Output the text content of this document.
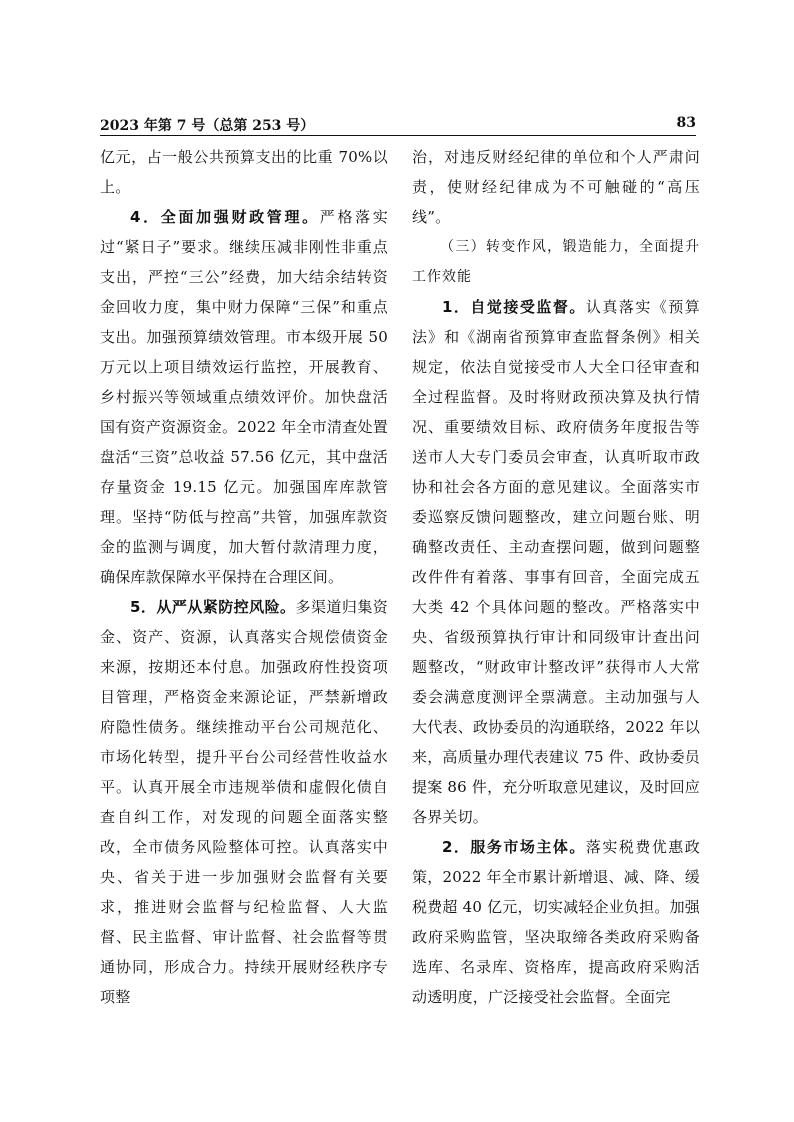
2023 年第 7 号（总第 253 号）	83

亿元，占一般公共预算支出的比重 70%以上。

4．全面加强财政管理。严格落实过“紧日子”要求。继续压减非刚性非重点支出，严控“三公”经费，加大结余结转资金回收力度，集中财力保障“三保”和重点支出。加强预算绩效管理。市本级开展 50 万元以上项目绩效运行监控，开展教育、乡村振兴等领域重点绩效评价。加快盘活国有资产资源资金。2022 年全市清查处置盘活“三资”总收益 57.56 亿元，其中盘活存量资金 19.15 亿元。加强国库库款管理。坚持“防低与控高”共管，加强库款资金的监测与调度，加大暂付款清理力度，确保库款保障水平保持在合理区间。

5．从严从紧防控风险。多渠道归集资金、资产、资源，认真落实合规偿债资金来源，按期还本付息。加强政府性投资项目管理，严格资金来源论证，严禁新增政府隐性债务。继续推动平台公司规范化、市场化转型，提升平台公司经营性收益水平。认真开展全市违规举债和虚假化债自查自纠工作，对发现的问题全面落实整改，全市债务风险整体可控。认真落实中央、省关于进一步加强财会监督有关要求，推进财会监督与纪检监督、人大监督、民主监督、审计监督、社会监督等贯通协同，形成合力。持续开展财经秩序专项整

治，对违反财经纪律的单位和个人严肃问责，使财经纪律成为不可触碰的“高压线”。

（三）转变作风，锻造能力，全面提升工作效能

1．自觉接受监督。认真落实《预算法》和《湖南省预算审查监督条例》相关规定，依法自觉接受市人大全口径审查和全过程监督。及时将财政预决算及执行情况、重要绩效目标、政府债务年度报告等送市人大专门委员会审查，认真听取市政协和社会各方面的意见建议。全面落实市委巡察反馈问题整改，建立问题台账、明确整改责任、主动查摆问题，做到问题整改件件有着落、事事有回音，全面完成五大类 42 个具体问题的整改。严格落实中央、省级预算执行审计和同级审计查出问题整改，“财政审计整改评”获得市人大常委会满意度测评全票满意。主动加强与人大代表、政协委员的沟通联络，2022 年以来，高质量办理代表建议 75 件、政协委员提案 86 件，充分听取意见建议，及时回应各界关切。

2．服务市场主体。落实税费优惠政策，2022 年全市累计新增退、减、降、缓税费超 40 亿元，切实减轻企业负担。加强政府采购监管，坚决取缔各类政府采购备选库、名录库、资格库，提高政府采购活动透明度，广泛接受社会监督。全面完
